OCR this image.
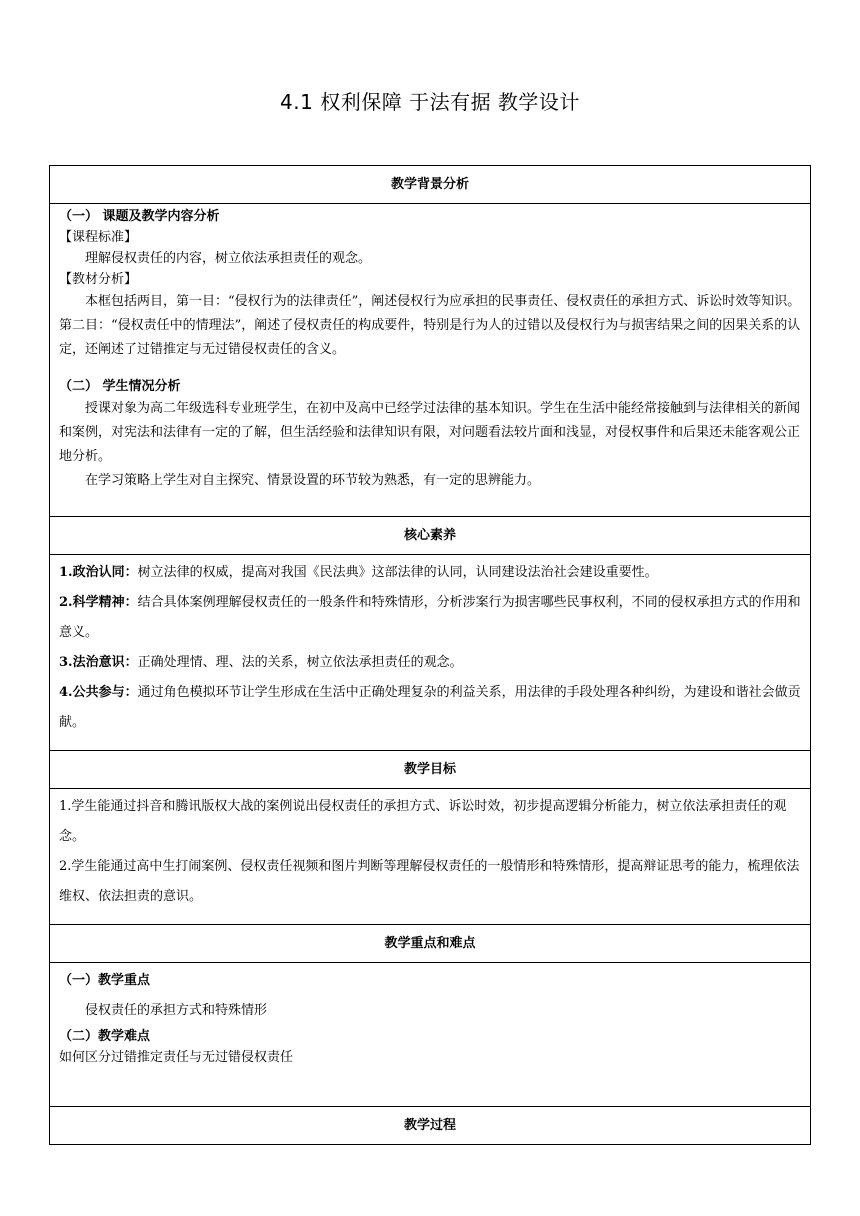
4.1 权利保障 于法有据 教学设计
教学背景分析
（一） 课题及教学内容分析
【课程标准】
理解侵权责任的内容，树立依法承担责任的观念。
【教材分析】
本框包括两目，第一目：“侵权行为的法律责任”，阐述侵权行为应承担的民事责任、侵权责任的承担方式、诉讼时效等知识。第二目：“侵权责任中的情理法”，阐述了侵权责任的构成要件，特别是行为人的过错以及侵权行为与损害结果之间的因果关系的认定，还阐述了过错推定与无过错侵权责任的含义。
（二） 学生情况分析
授课对象为高二年级选科专业班学生，在初中及高中已经学过法律的基本知识。学生在生活中能经常接触到与法律相关的新闻和案例，对宪法和法律有一定的了解，但生活经验和法律知识有限，对问题看法较片面和浅显，对侵权事件和后果还未能客观公正地分析。
在学习策略上学生对自主探究、情景设置的环节较为熟悉，有一定的思辨能力。
核心素养
1.政治认同：树立法律的权威，提高对我国《民法典》这部法律的认同，认同建设法治社会建设重要性。
2.科学精神：结合具体案例理解侵权责任的一般条件和特殊情形，分析涉案行为损害哪些民事权利，不同的侵权承担方式的作用和意义。
3.法治意识：正确处理情、理、法的关系，树立依法承担责任的观念。
4.公共参与：通过角色模拟环节让学生形成在生活中正确处理复杂的利益关系，用法律的手段处理各种纠纷，为建设和谐社会做贡献。
教学目标
1.学生能通过抖音和腾讯版权大战的案例说出侵权责任的承担方式、诉讼时效，初步提高逻辑分析能力，树立依法承担责任的观念。
2.学生能通过高中生打闹案例、侵权责任视频和图片判断等理解侵权责任的一般情形和特殊情形，提高辩证思考的能力，梳理依法维权、依法担责的意识。
教学重点和难点
（一）教学重点
侵权责任的承担方式和特殊情形
（二）教学难点
如何区分过错推定责任与无过错侵权责任
教学过程
